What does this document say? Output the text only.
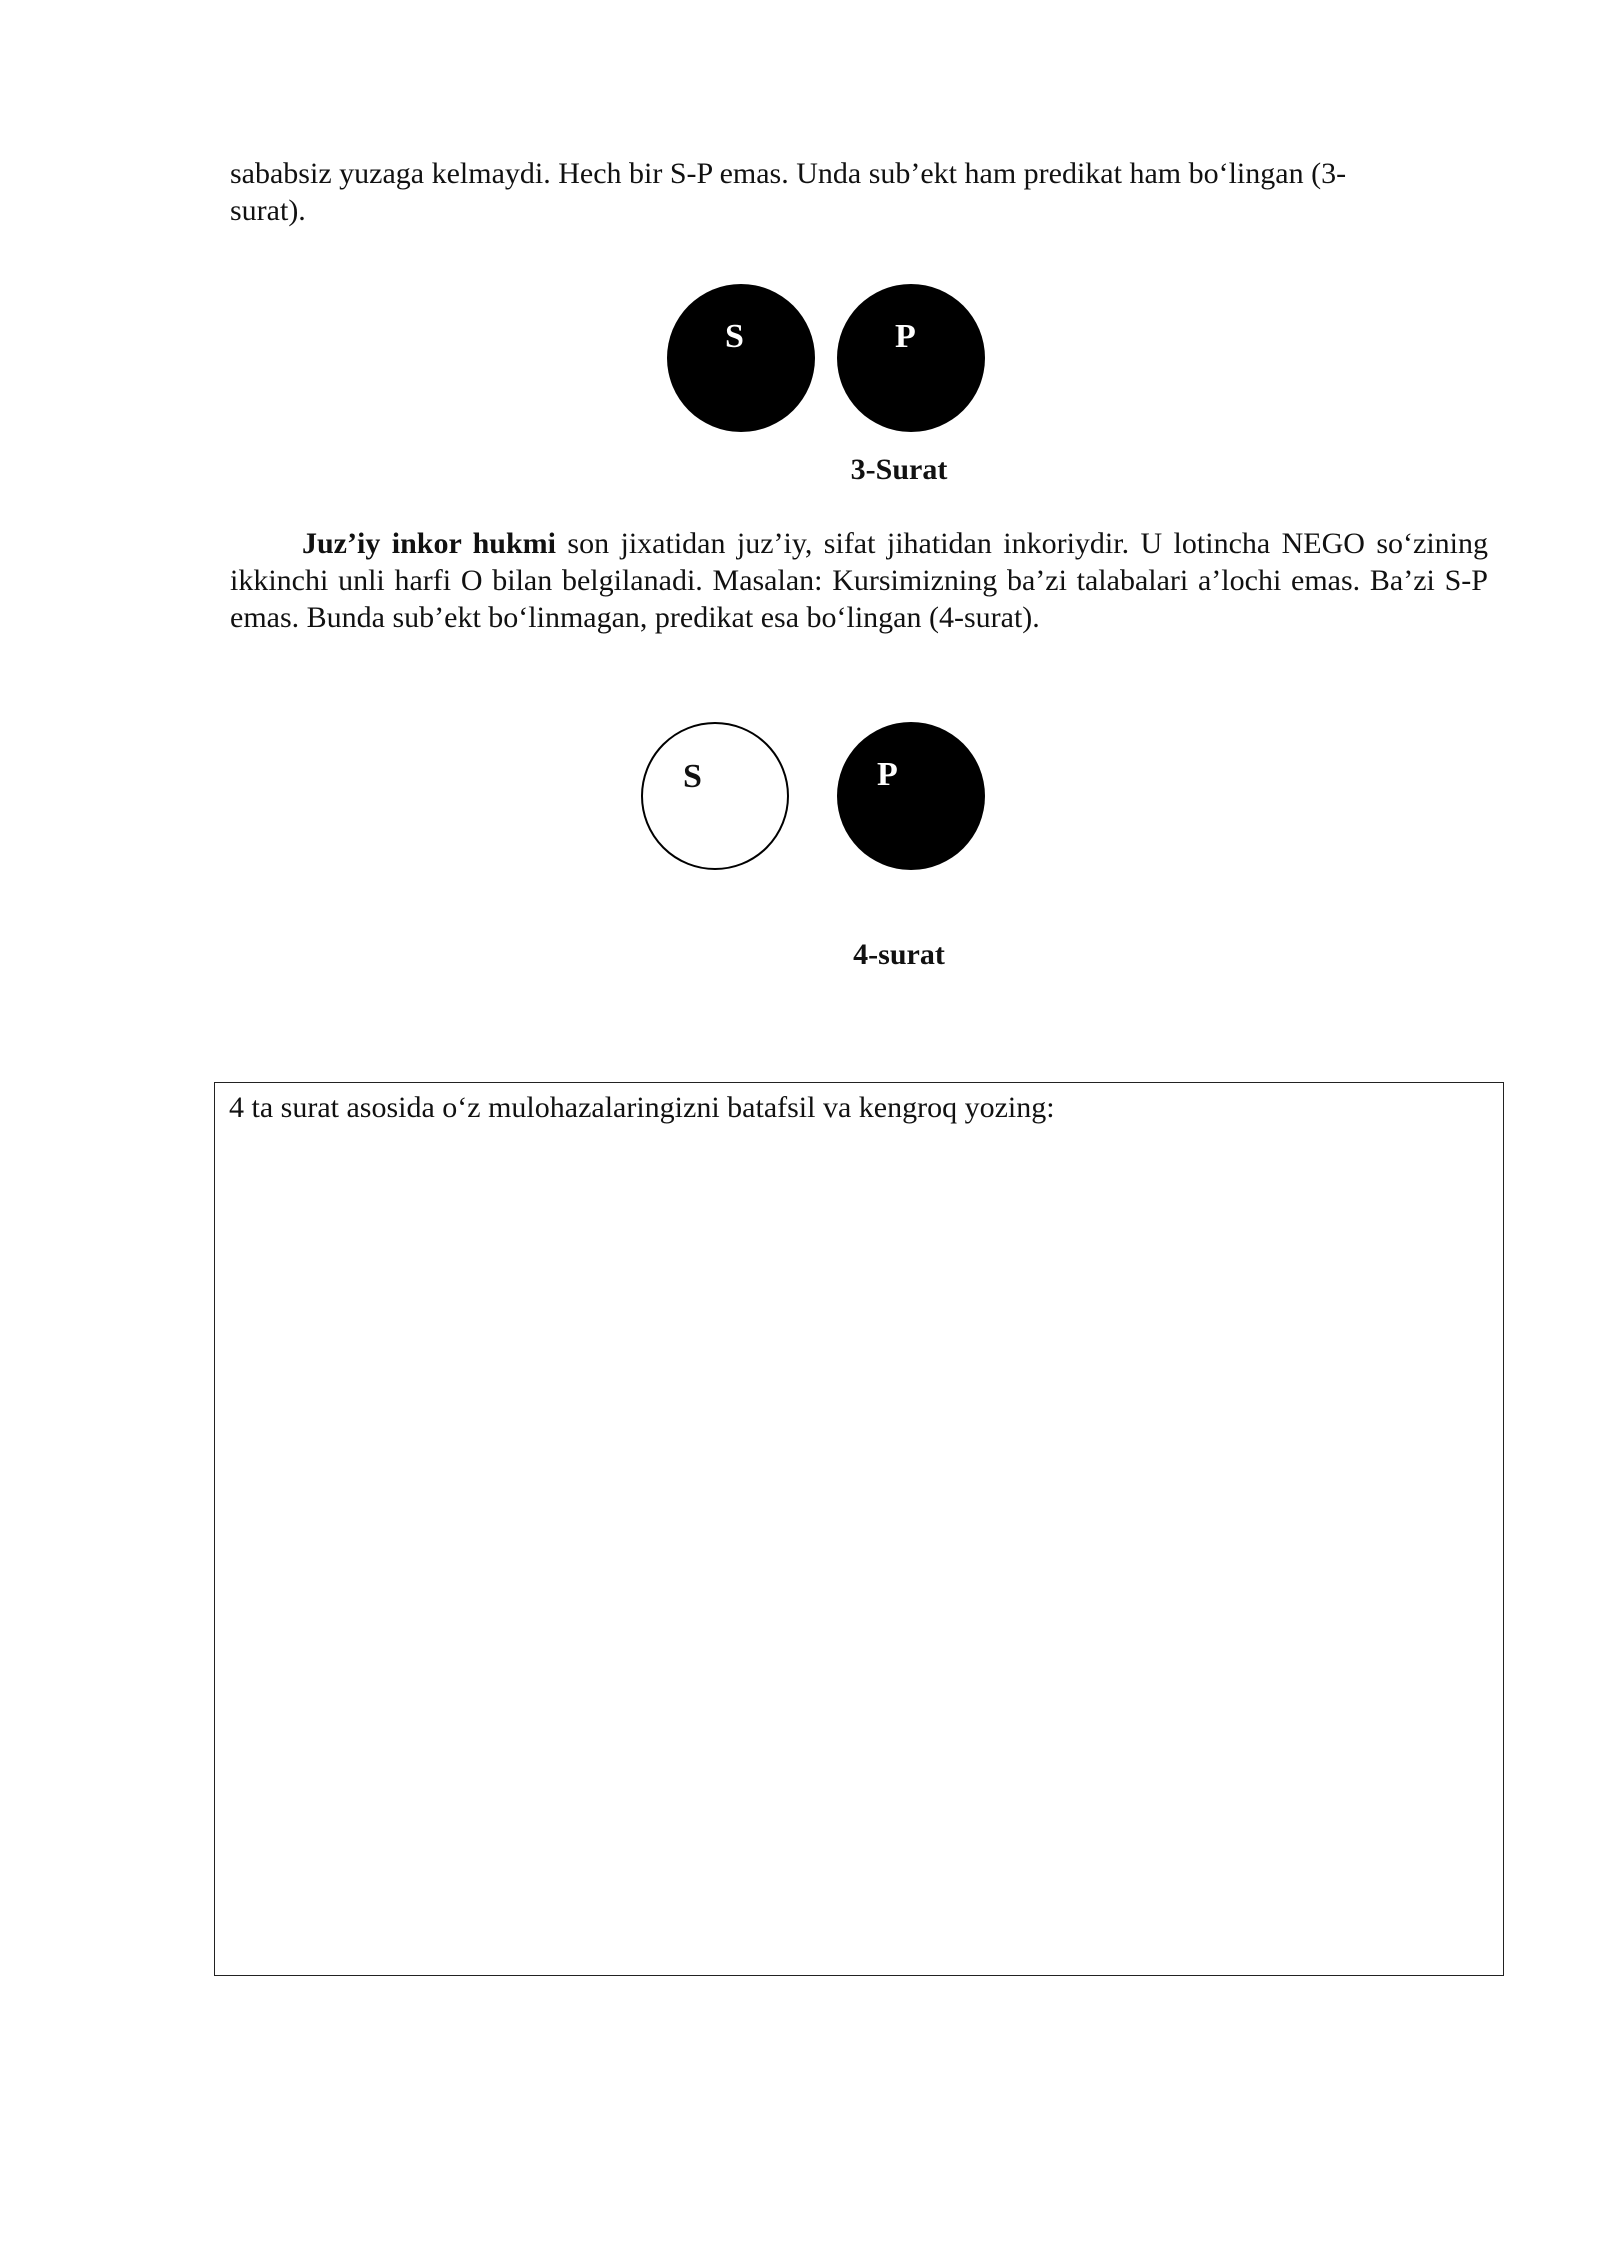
sababsiz yuzaga kelmaydi. Hech bir S-P emas. Unda sub’ekt ham predikat ham bo‘lingan (3-
surat).
S	P
3-Surat
Juz’iy inkor hukmi son jixatidan juz’iy, sifat jihatidan inkoriydir. U lotincha NEGO so‘zining ikkinchi unli harfi O bilan belgilanadi. Masalan: Kursimizning ba’zi talabalari a’lochi emas. Ba’zi S-P emas. Bunda sub’ekt bo‘linmagan, predikat esa bo‘lingan (4-surat).
S	P
4-surat
4 ta surat asosida o‘z mulohazalaringizni batafsil va kengroq yozing:
